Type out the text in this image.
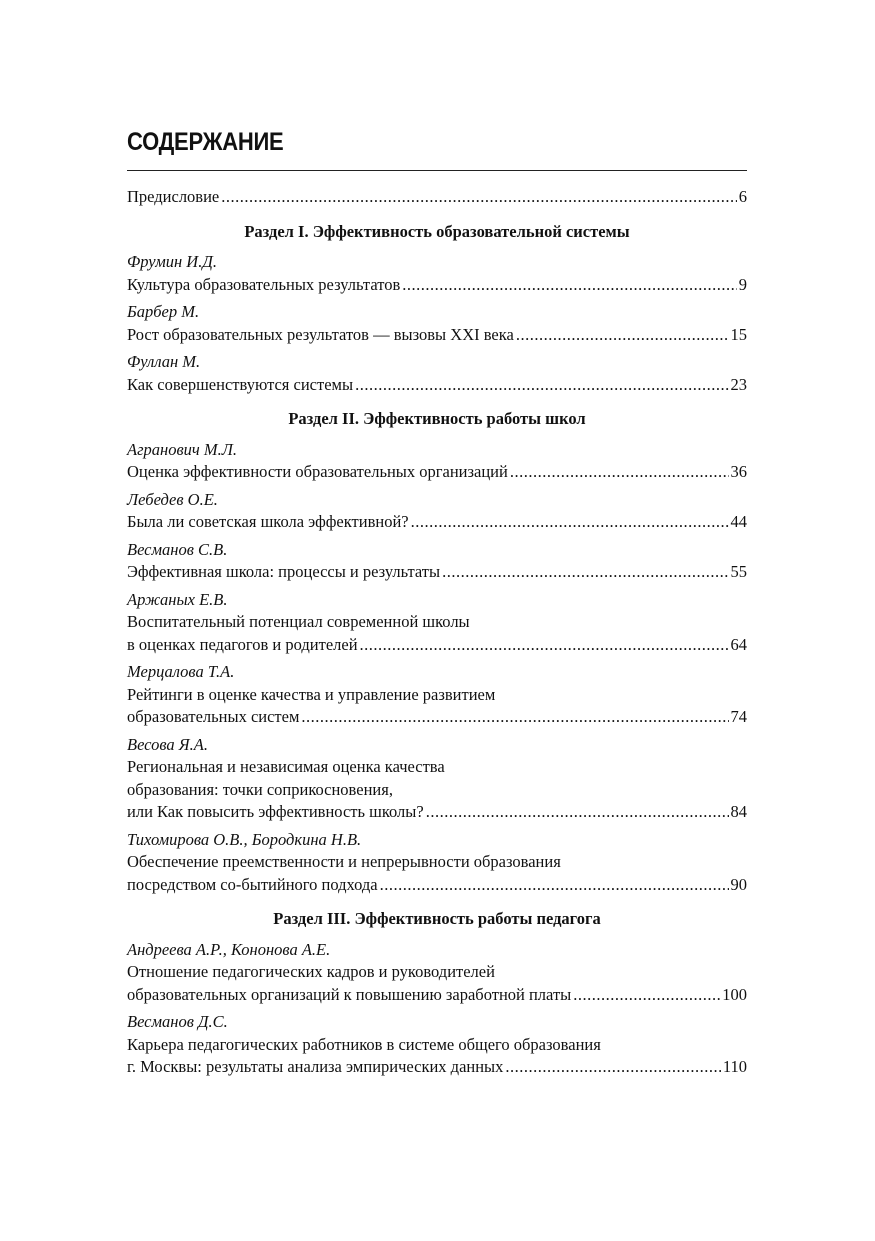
СОДЕРЖАНИЕ
Предисловие .....	6
Раздел I. Эффективность образовательной системы
Фрумин И.Д.
Культура образовательных результатов .....	9
Барбер М.
Рост образовательных результатов — вызовы XXI века .....	15
Фуллан М.
Как совершенствуются системы .....	23
Раздел II. Эффективность работы школ
Агранович М.Л.
Оценка эффективности образовательных организаций .....	36
Лебедев О.Е.
Была ли советская школа эффективной? .....	44
Весманов С.В.
Эффективная школа: процессы и результаты .....	55
Аржаных Е.В.
Воспитательный потенциал современной школы
в оценках педагогов и родителей .....	64
Мерцалова Т.А.
Рейтинги в оценке качества и управление развитием
образовательных систем .....	74
Весова Я.А.
Региональная и независимая оценка качества
образования: точки соприкосновения,
или Как повысить эффективность школы? .....	84
Тихомирова О.В., Бородкина Н.В.
Обеспечение преемственности и непрерывности образования
посредством со-бытийного подхода .....	90
Раздел III. Эффективность работы педагога
Андреева А.Р., Кононова А.Е.
Отношение педагогических кадров и руководителей
образовательных организаций к повышению заработной платы .....	100
Весманов Д.С.
Карьера педагогических работников в системе общего образования
г. Москвы: результаты анализа эмпирических данных .....	110
